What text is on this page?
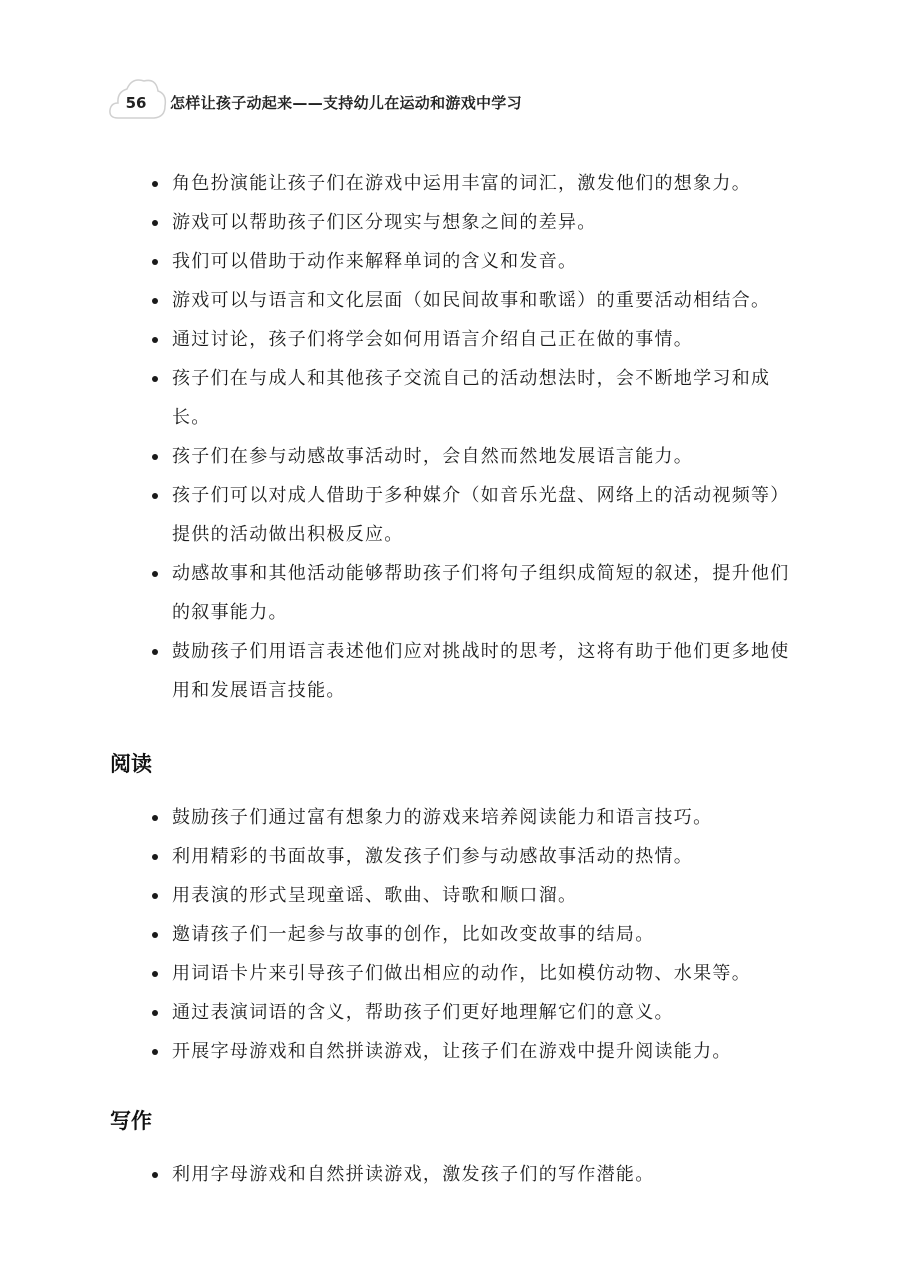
56	怎样让孩子动起来——支持幼儿在运动和游戏中学习
角色扮演能让孩子们在游戏中运用丰富的词汇，激发他们的想象力。
游戏可以帮助孩子们区分现实与想象之间的差异。
我们可以借助于动作来解释单词的含义和发音。
游戏可以与语言和文化层面（如民间故事和歌谣）的重要活动相结合。
通过讨论，孩子们将学会如何用语言介绍自己正在做的事情。
孩子们在与成人和其他孩子交流自己的活动想法时，会不断地学习和成长。
孩子们在参与动感故事活动时，会自然而然地发展语言能力。
孩子们可以对成人借助于多种媒介（如音乐光盘、网络上的活动视频等）提供的活动做出积极反应。
动感故事和其他活动能够帮助孩子们将句子组织成简短的叙述，提升他们的叙事能力。
鼓励孩子们用语言表述他们应对挑战时的思考，这将有助于他们更多地使用和发展语言技能。
阅读
鼓励孩子们通过富有想象力的游戏来培养阅读能力和语言技巧。
利用精彩的书面故事，激发孩子们参与动感故事活动的热情。
用表演的形式呈现童谣、歌曲、诗歌和顺口溜。
邀请孩子们一起参与故事的创作，比如改变故事的结局。
用词语卡片来引导孩子们做出相应的动作，比如模仿动物、水果等。
通过表演词语的含义，帮助孩子们更好地理解它们的意义。
开展字母游戏和自然拼读游戏，让孩子们在游戏中提升阅读能力。
写作
利用字母游戏和自然拼读游戏，激发孩子们的写作潜能。
